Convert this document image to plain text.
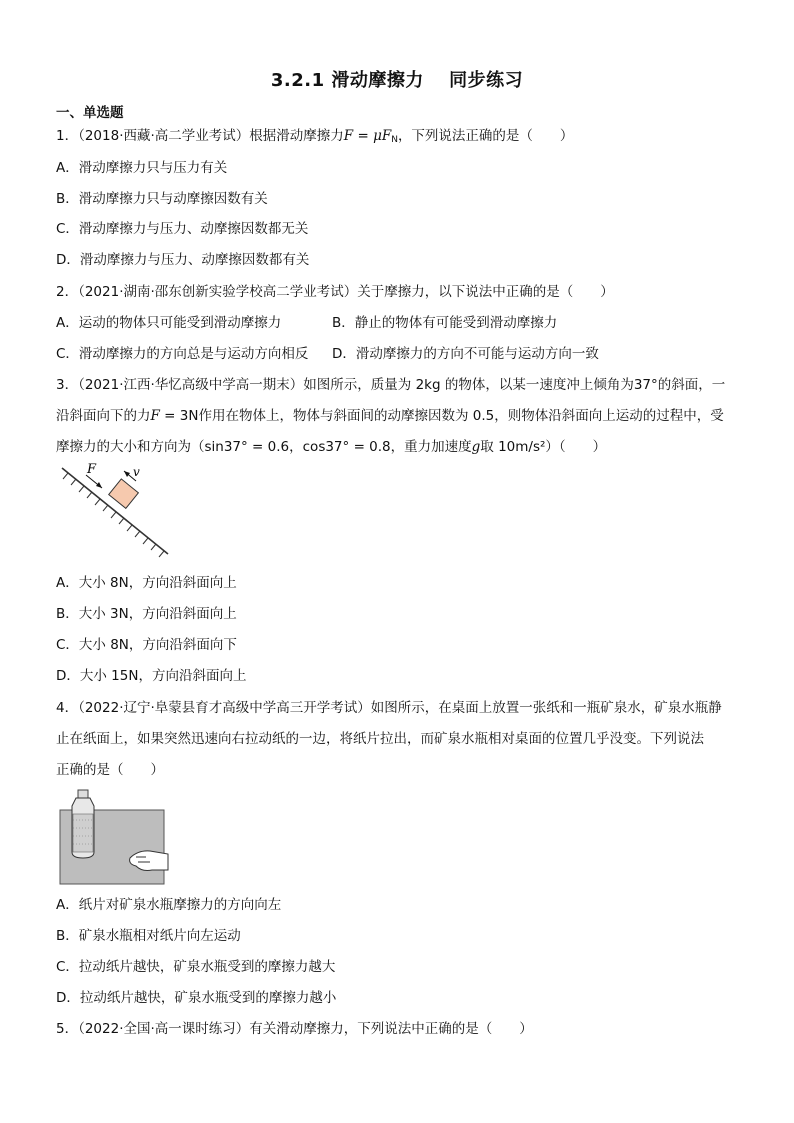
3.2.1 滑动摩擦力　 同步练习
一、单选题
1．（2018·西藏·高二学业考试）根据滑动摩擦力$F = \mu F_N$，下列说法正确的是（　　）
A．滑动摩擦力只与压力有关
B．滑动摩擦力只与动摩擦因数有关
C．滑动摩擦力与压力、动摩擦因数都无关
D．滑动摩擦力与压力、动摩擦因数都有关
2．（2021·湖南·邵东创新实验学校高二学业考试）关于摩擦力，以下说法中正确的是（　　）
A．运动的物体只可能受到滑动摩擦力	B．静止的物体有可能受到滑动摩擦力
C．滑动摩擦力的方向总是与运动方向相反 D．滑动摩擦力的方向不可能与运动方向一致
3．（2021·江西·华忆高级中学高一期末）如图所示，质量为 2kg 的物体，以某一速度冲上倾角为37°的斜面，一
沿斜面向下的力F = 3N作用在物体上，物体与斜面间的动摩擦因数为 0.5，则物体沿斜面向上运动的过程中，受
摩擦力的大小和方向为（sin37° = 0.6，cos37° = 0.8，重力加速度g取 10m/s²）（　　）
F	v
A．大小 8N，方向沿斜面向上
B．大小 3N，方向沿斜面向上
C．大小 8N，方向沿斜面向下
D．大小 15N，方向沿斜面向上
4．（2022·辽宁·阜蒙县育才高级中学高三开学考试）如图所示，在桌面上放置一张纸和一瓶矿泉水，矿泉水瓶静
止在纸面上，如果突然迅速向右拉动纸的一边，将纸片拉出，而矿泉水瓶相对桌面的位置几乎没变。下列说法
正确的是（　　）
A．纸片对矿泉水瓶摩擦力的方向向左
B．矿泉水瓶相对纸片向左运动
C．拉动纸片越快，矿泉水瓶受到的摩擦力越大
D．拉动纸片越快，矿泉水瓶受到的摩擦力越小
5．（2022·全国·高一课时练习）有关滑动摩擦力，下列说法中正确的是（　　）
